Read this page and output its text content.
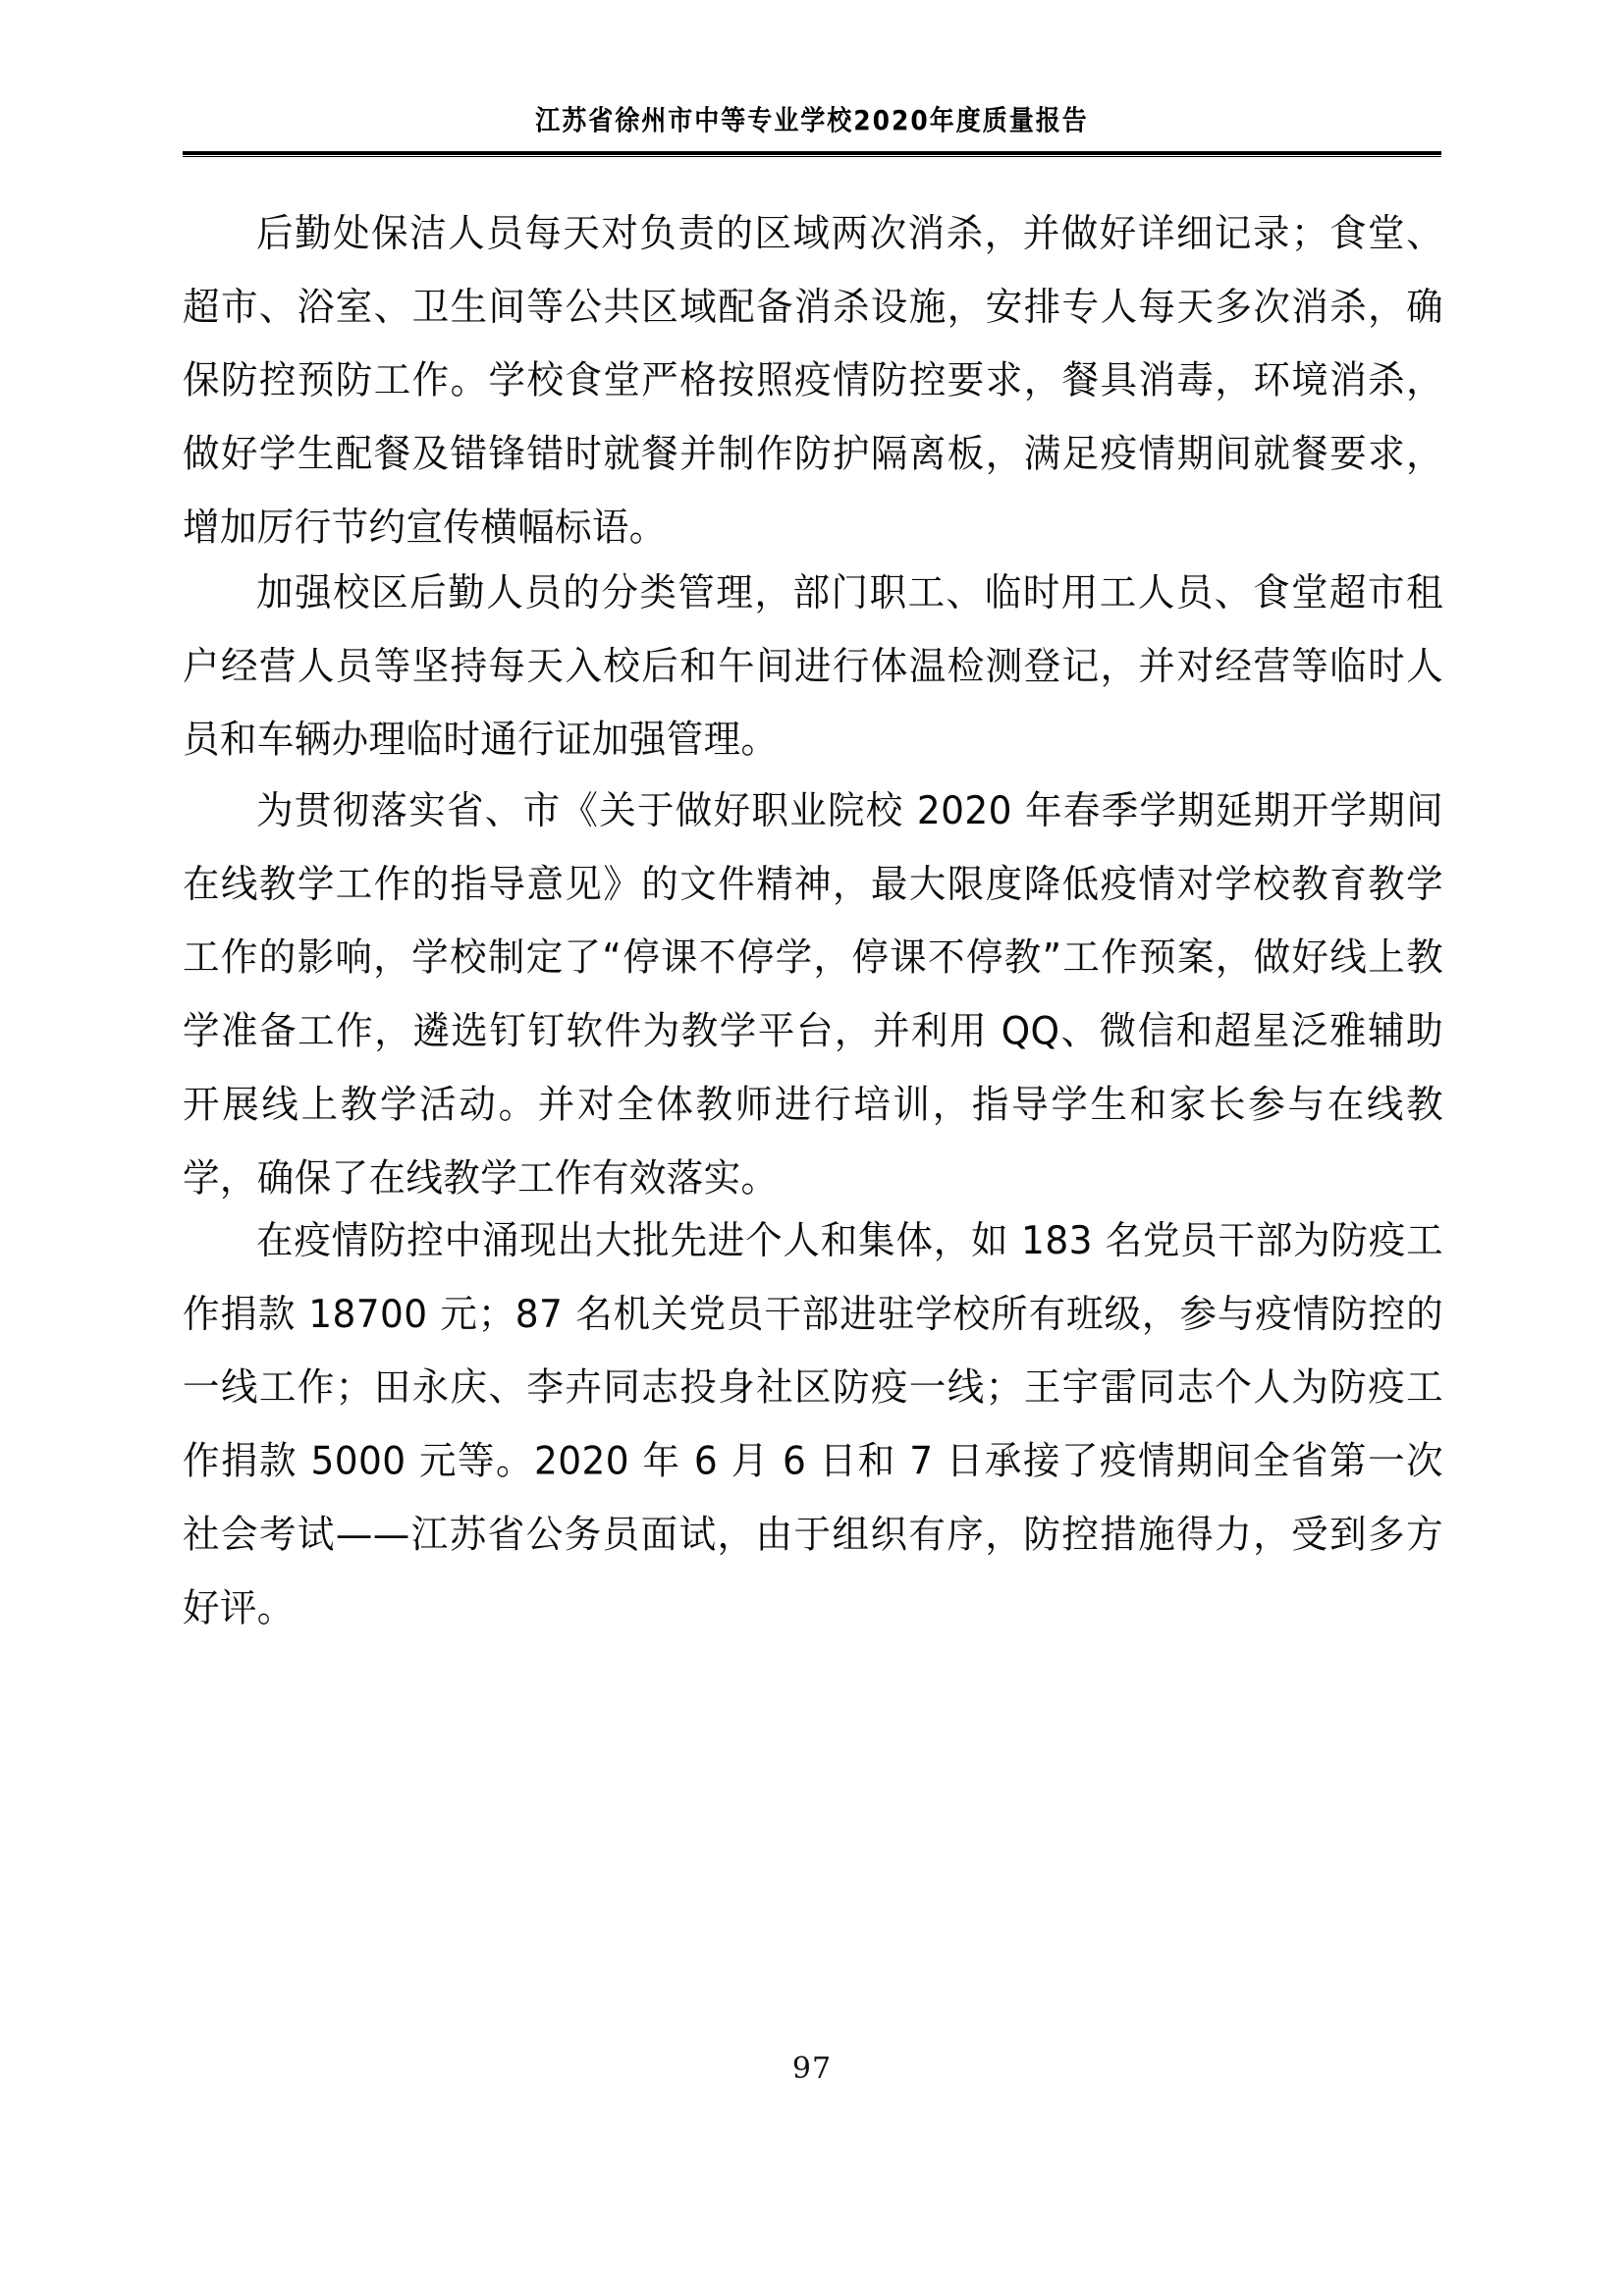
江苏省徐州市中等专业学校2020年度质量报告

后勤处保洁人员每天对负责的区域两次消杀，并做好详细记录；食堂、超市、浴室、卫生间等公共区域配备消杀设施，安排专人每天多次消杀，确保防控预防工作。学校食堂严格按照疫情防控要求，餐具消毒，环境消杀，做好学生配餐及错锋错时就餐并制作防护隔离板，满足疫情期间就餐要求，增加厉行节约宣传横幅标语。

加强校区后勤人员的分类管理，部门职工、临时用工人员、食堂超市租户经营人员等坚持每天入校后和午间进行体温检测登记，并对经营等临时人员和车辆办理临时通行证加强管理。

为贯彻落实省、市《关于做好职业院校 2020 年春季学期延期开学期间在线教学工作的指导意见》的文件精神，最大限度降低疫情对学校教育教学工作的影响，学校制定了“停课不停学，停课不停教”工作预案，做好线上教学准备工作，遴选钉钉软件为教学平台，并利用 QQ、微信和超星泛雅辅助开展线上教学活动。并对全体教师进行培训，指导学生和家长参与在线教学，确保了在线教学工作有效落实。

在疫情防控中涌现出大批先进个人和集体，如 183 名党员干部为防疫工作捐款 18700 元；87 名机关党员干部进驻学校所有班级，参与疫情防控的一线工作；田永庆、李卉同志投身社区防疫一线；王宇雷同志个人为防疫工作捐款 5000 元等。2020 年 6 月 6 日和 7 日承接了疫情期间全省第一次社会考试——江苏省公务员面试，由于组织有序，防控措施得力，受到多方好评。

97
